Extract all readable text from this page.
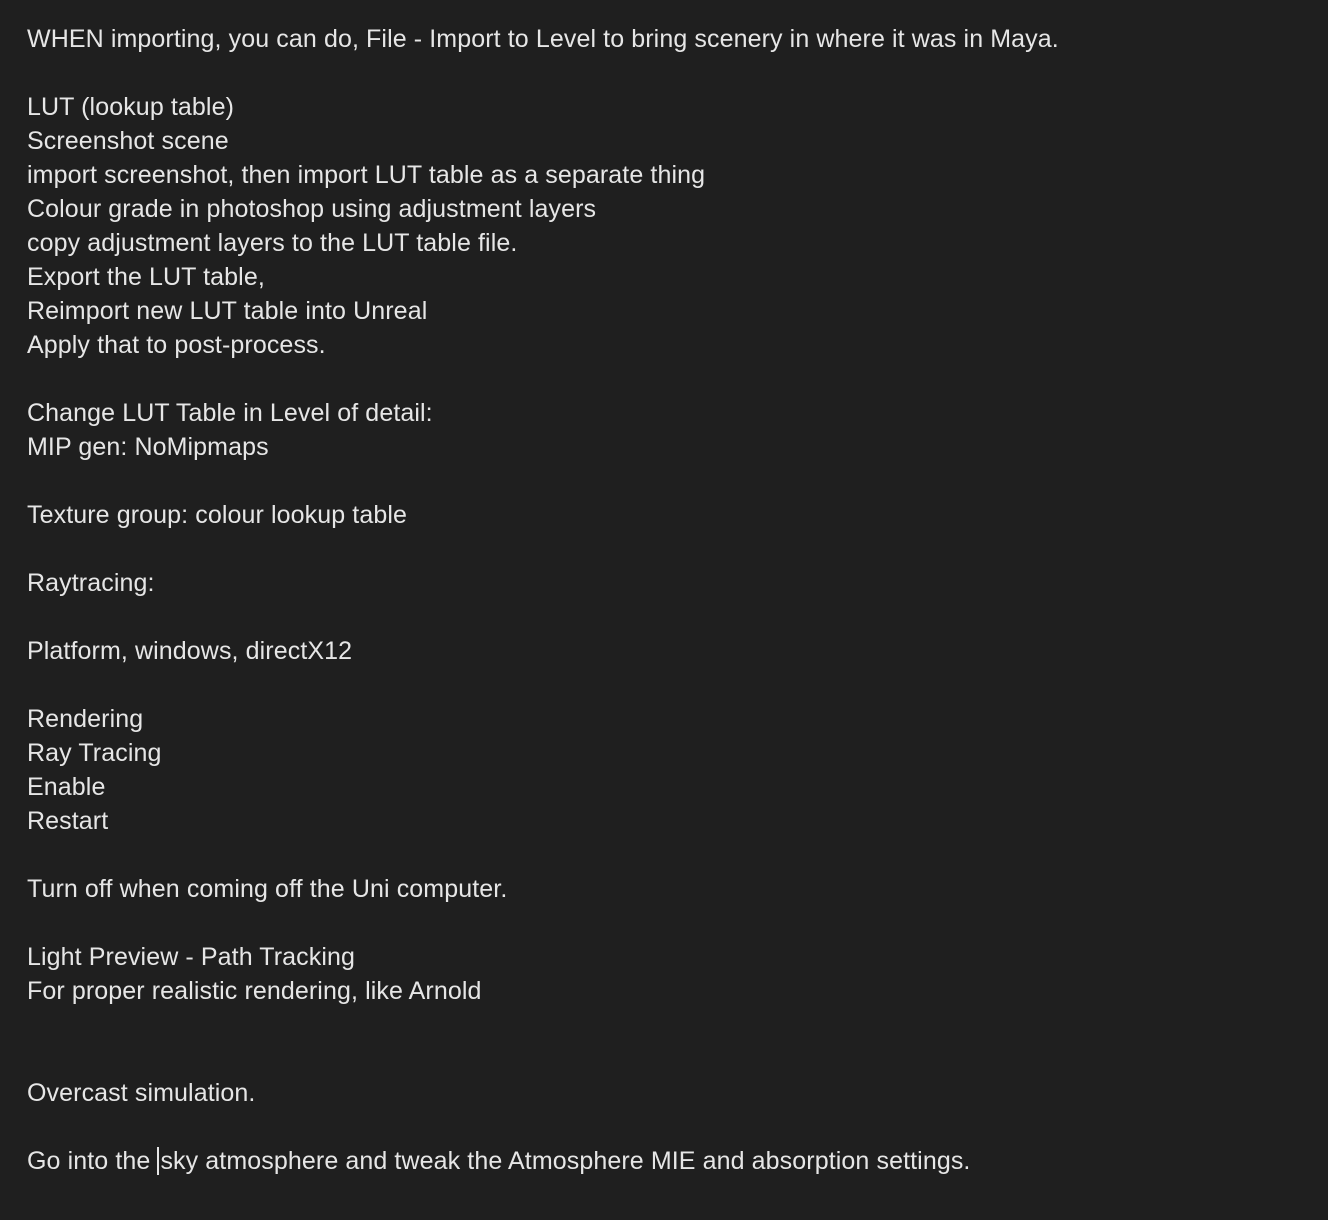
WHEN importing, you can do, File - Import to Level to bring scenery in where it was in Maya.
LUT (lookup table)
Screenshot scene
import screenshot, then import LUT table as a separate thing
Colour grade in photoshop using adjustment layers
copy adjustment layers to the LUT table file.
Export the LUT table,
Reimport new LUT table into Unreal
Apply that to post-process.
Change LUT Table in Level of detail:
MIP gen: NoMipmaps
Texture group: colour lookup table
Raytracing:
Platform, windows, directX12
Rendering
Ray Tracing
Enable
Restart
Turn off when coming off the Uni computer.
Light Preview - Path Tracking
For proper realistic rendering, like Arnold
Overcast simulation.
Go into the sky atmosphere and tweak the Atmosphere MIE and absorption settings.
